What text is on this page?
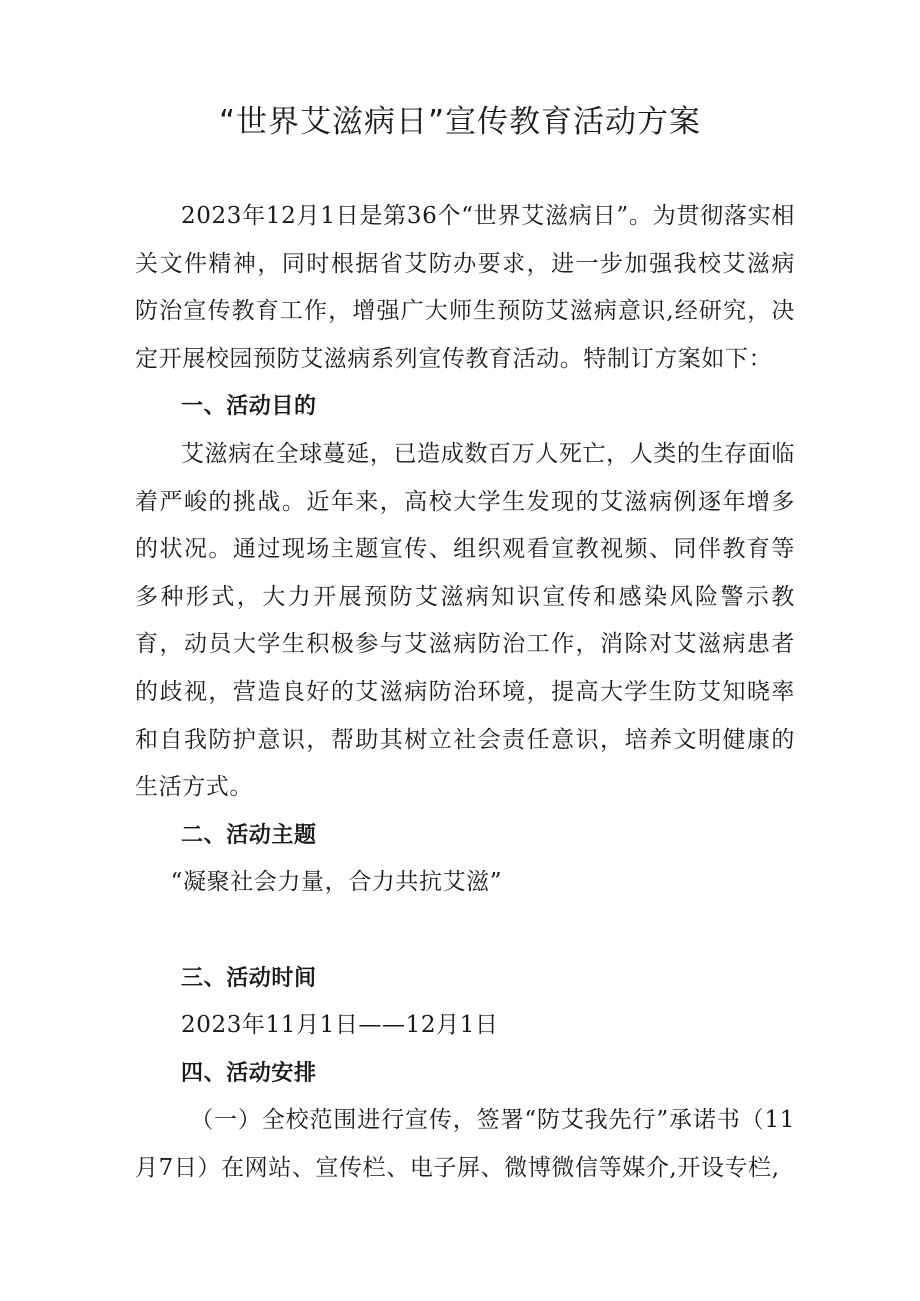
“世界艾滋病日”宣传教育活动方案

2023年12月1日是第36个“世界艾滋病日”。为贯彻落实相关文件精神，同时根据省艾防办要求，进一步加强我校艾滋病防治宣传教育工作，增强广大师生预防艾滋病意识,经研究，决定开展校园预防艾滋病系列宣传教育活动。特制订方案如下：

一、活动目的

艾滋病在全球蔓延，已造成数百万人死亡，人类的生存面临着严峻的挑战。近年来，高校大学生发现的艾滋病例逐年增多的状况。通过现场主题宣传、组织观看宣教视频、同伴教育等多种形式，大力开展预防艾滋病知识宣传和感染风险警示教育，动员大学生积极参与艾滋病防治工作，消除对艾滋病患者的歧视，营造良好的艾滋病防治环境，提高大学生防艾知晓率和自我防护意识，帮助其树立社会责任意识，培养文明健康的生活方式。

二、活动主题

“凝聚社会力量，合力共抗艾滋”

三、活动时间

2023年11月1日——12月1日

四、活动安排

（一）全校范围进行宣传，签署“防艾我先行”承诺书（11月7日）在网站、宣传栏、电子屏、微博微信等媒介,开设专栏,
